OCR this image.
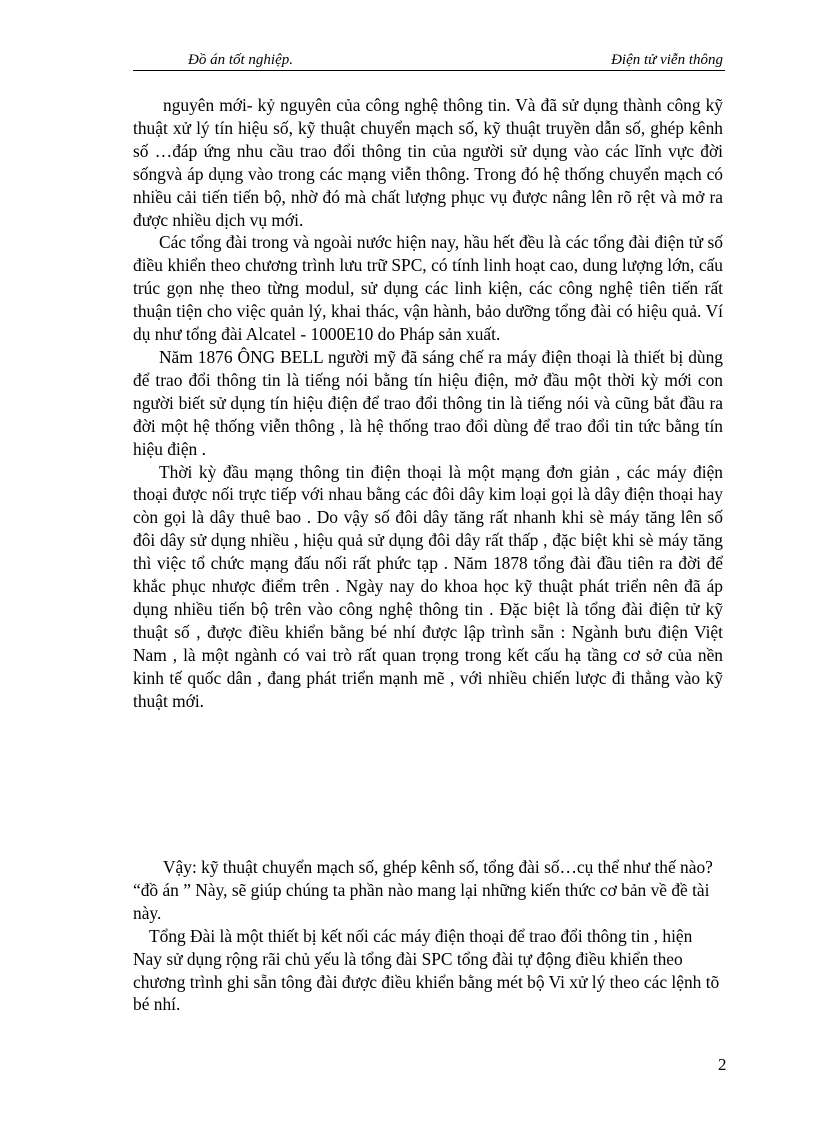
Đồ án tốt nghiệp.	Điện tử viễn thông

nguyên mới- kỷ nguyên của công nghệ thông tin. Và đã sử dụng thành công kỹ thuật xử lý tín hiệu số, kỹ thuật chuyển mạch số, kỹ thuật truyền dẫn số, ghép kênh số …đáp ứng nhu cầu trao đổi thông tin của người sử dụng vào các lĩnh vực đời sốngvà áp dụng vào trong các mạng viễn thông. Trong đó hệ thống chuyển mạch có nhiều cải tiến tiến bộ, nhờ đó mà chất lượng phục vụ được nâng lên rõ rệt và mở ra được nhiều dịch vụ mới.

Các tổng đài trong và ngoài nước hiện nay, hầu hết đều là các tổng đài điện tử số điều khiển theo chương trình lưu trữ SPC, có tính linh hoạt cao, dung lượng lớn, cấu trúc gọn nhẹ theo từng modul, sử dụng các linh kiện, các công nghệ tiên tiến rất thuận tiện cho việc quản lý, khai thác, vận hành, bảo dưỡng tổng đài có hiệu quả. Ví dụ như tổng đài Alcatel - 1000E10 do Pháp sản xuất.

Năm 1876 ÔNG BELL người mỹ đã sáng chế ra máy điện thoại là thiết bị dùng để trao đổi thông tin là tiếng nói bằng tín hiệu điện, mở đầu một thời kỳ mới con người biết sử dụng tín hiệu điện để trao đổi thông tin là tiếng nói và cũng bắt đầu ra đời một hệ thống viễn thông , là hệ thống trao đổi dùng để trao đổi tin tức bằng tín hiệu điện .

Thời kỳ đầu mạng thông tin điện thoại là một mạng đơn giản , các máy điện thoại được nối trực tiếp với nhau bằng các đôi dây kim loại gọi là dây điện thoại hay còn gọi là dây thuê bao . Do vậy số đôi dây tăng rất nhanh khi sè máy tăng lên số đôi dây sử dụng nhiều , hiệu quả sử dụng đôi dây rất thấp , đặc biệt khi sè máy tăng thì việc tổ chức mạng đấu nối rất phức tạp . Năm 1878 tổng đài đầu tiên ra đời để khắc phục nhược điểm trên . Ngày nay do khoa học kỹ thuật phát triển nên đã áp dụng nhiều tiến bộ trên vào công nghệ thông tin . Đặc biệt là tổng đài điện tử kỹ thuật số , được điều khiển bằng bé nhí được lập trình sẵn : Ngành bưu điện Việt Nam , là một ngành có vai trò rất quan trọng trong kết cấu hạ tầng cơ sở của nền kinh tế quốc dân , đang phát triển mạnh mẽ , với nhiều chiến lược đi thẳng vào kỹ thuật mới.

Vậy: kỹ thuật chuyển mạch số, ghép kênh số, tổng đài số…cụ thể như thế nào?        “đồ án ” Này, sẽ giúp chúng ta phần nào mang lại những kiến thức cơ bản về đề tài này.

Tổng Đài là một thiết bị kết nối các máy điện thoại để trao đổi thông tin , hiện Nay sử dụng rộng rãi chủ yếu là tổng đài SPC tổng đài tự động điều khiển theo chương trình ghi sẵn tông đài được điều khiển bằng mét bộ Vi xử lý theo các lệnh tõ bé nhí.

2
